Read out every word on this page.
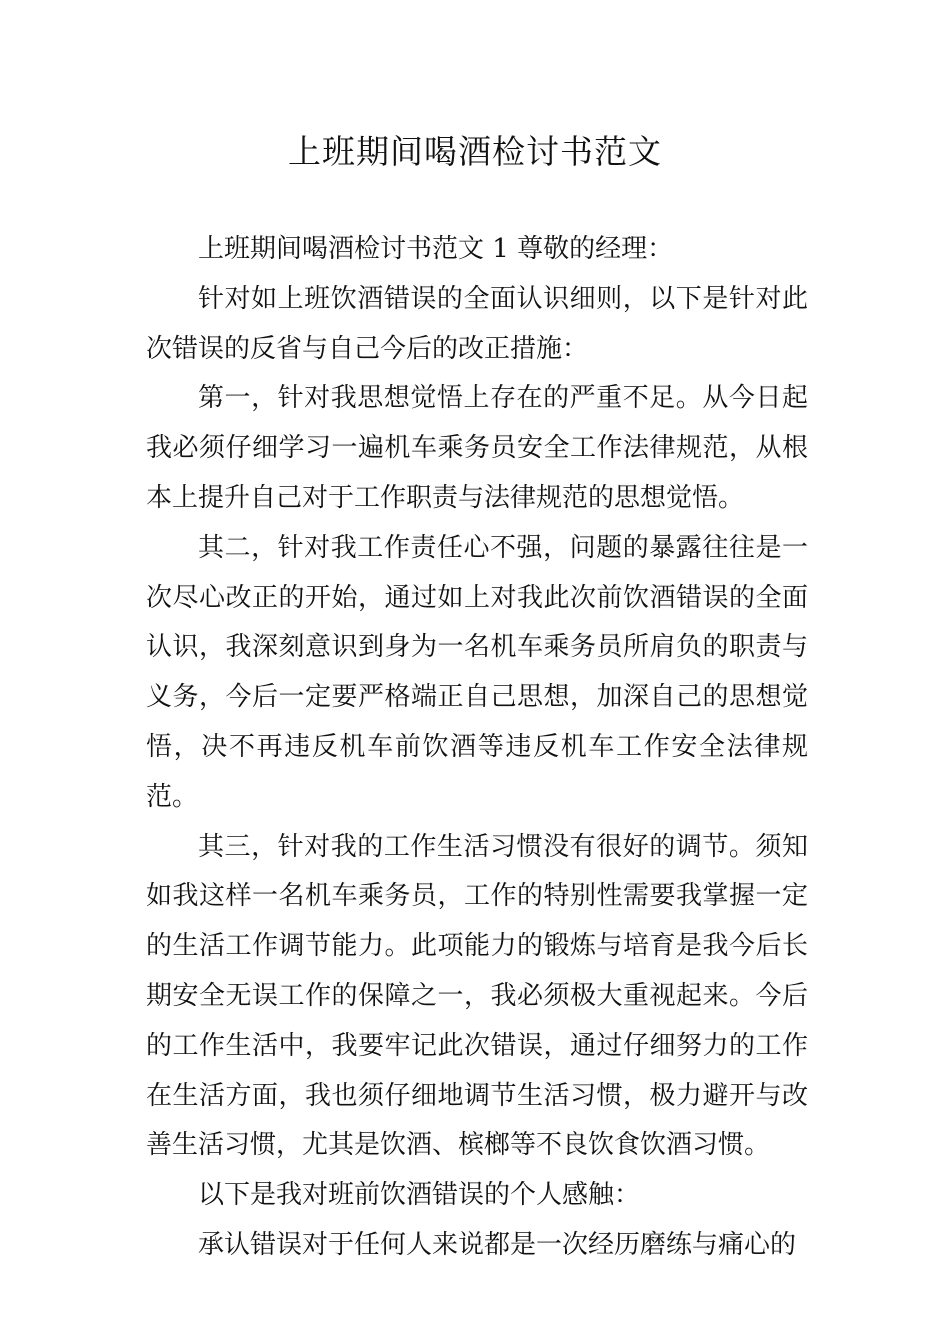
上班期间喝酒检讨书范文

上班期间喝酒检讨书范文 1 尊敬的经理：

针对如上班饮酒错误的全面认识细则，以下是针对此次错误的反省与自己今后的改正措施：

第一，针对我思想觉悟上存在的严重不足。从今日起我必须仔细学习一遍机车乘务员安全工作法律规范，从根本上提升自己对于工作职责与法律规范的思想觉悟。

其二，针对我工作责任心不强，问题的暴露往往是一次尽心改正的开始，通过如上对我此次前饮酒错误的全面认识，我深刻意识到身为一名机车乘务员所肩负的职责与义务，今后一定要严格端正自己思想，加深自己的思想觉悟，决不再违反机车前饮酒等违反机车工作安全法律规范。

其三，针对我的工作生活习惯没有很好的调节。须知如我这样一名机车乘务员，工作的特别性需要我掌握一定的生活工作调节能力。此项能力的锻炼与培育是我今后长期安全无误工作的保障之一，我必须极大重视起来。今后的工作生活中，我要牢记此次错误，通过仔细努力的工作在生活方面，我也须仔细地调节生活习惯，极力避开与改善生活习惯，尤其是饮酒、槟榔等不良饮食饮酒习惯。

以下是我对班前饮酒错误的个人感触：

承认错误对于任何人来说都是一次经历磨练与痛心的
